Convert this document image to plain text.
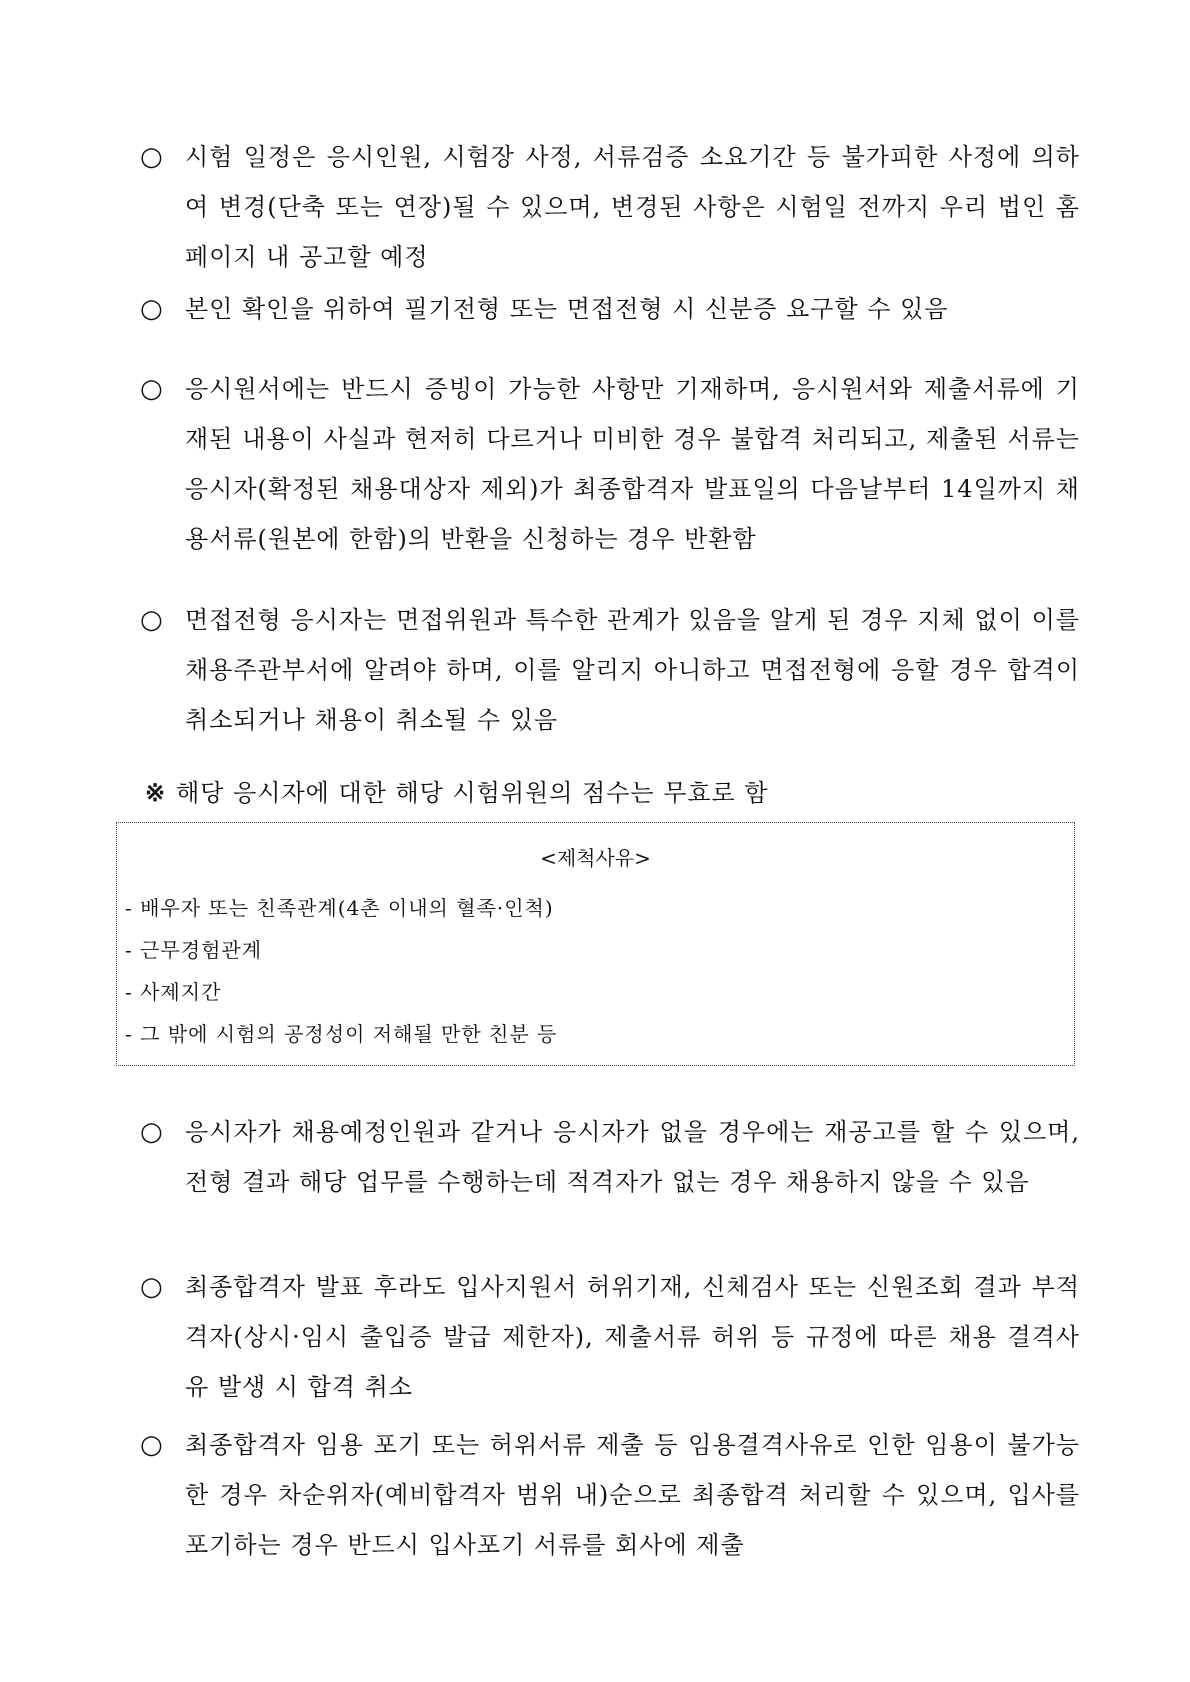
○ 시험 일정은 응시인원, 시험장 사정, 서류검증 소요기간 등 불가피한 사정에 의하여 변경(단축 또는 연장)될 수 있으며, 변경된 사항은 시험일 전까지 우리 법인 홈페이지 내 공고할 예정
○ 본인 확인을 위하여 필기전형 또는 면접전형 시 신분증 요구할 수 있음
○ 응시원서에는 반드시 증빙이 가능한 사항만 기재하며, 응시원서와 제출서류에 기재된 내용이 사실과 현저히 다르거나 미비한 경우 불합격 처리되고, 제출된 서류는 응시자(확정된 채용대상자 제외)가 최종합격자 발표일의 다음날부터 14일까지 채용서류(원본에 한함)의 반환을 신청하는 경우 반환함
○ 면접전형 응시자는 면접위원과 특수한 관계가 있음을 알게 된 경우 지체 없이 이를 채용주관부서에 알려야 하며, 이를 알리지 아니하고 면접전형에 응할 경우 합격이 취소되거나 채용이 취소될 수 있음
※ 해당 응시자에 대한 해당 시험위원의 점수는 무효로 함
<제척사유>
- 배우자 또는 친족관계(4촌 이내의 혈족·인척)
- 근무경험관계
- 사제지간
- 그 밖에 시험의 공정성이 저해될 만한 친분 등
○ 응시자가 채용예정인원과 같거나 응시자가 없을 경우에는 재공고를 할 수 있으며, 전형 결과 해당 업무를 수행하는데 적격자가 없는 경우 채용하지 않을 수 있음
○ 최종합격자 발표 후라도 입사지원서 허위기재, 신체검사 또는 신원조회 결과 부적격자(상시·임시 출입증 발급 제한자), 제출서류 허위 등 규정에 따른 채용 결격사유 발생 시 합격 취소
○ 최종합격자 임용 포기 또는 허위서류 제출 등 임용결격사유로 인한 임용이 불가능한 경우 차순위자(예비합격자 범위 내)순으로 최종합격 처리할 수 있으며, 입사를 포기하는 경우 반드시 입사포기 서류를 회사에 제출
